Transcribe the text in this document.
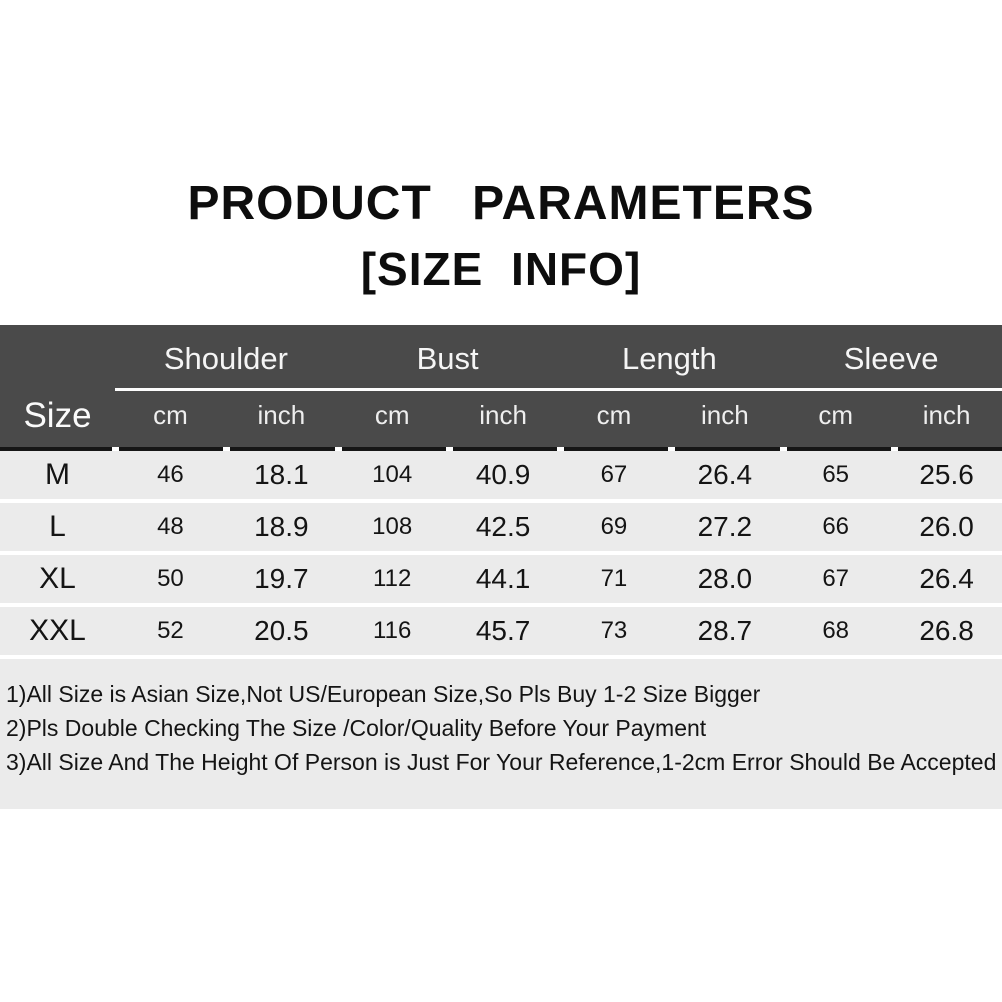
PRODUCT PARAMETERS
[SIZE INFO]
Shoulder	Bust	Length	Sleeve
Size	cm	inch	cm	inch	cm	inch	cm	inch
M	46	18.1	104	40.9	67	26.4	65	25.6
L	48	18.9	108	42.5	69	27.2	66	26.0
XL	50	19.7	112	44.1	71	28.0	67	26.4
XXL	52	20.5	116	45.7	73	28.7	68	26.8
1)All Size is Asian Size,Not US/European Size,So Pls Buy 1-2 Size Bigger
2)Pls Double Checking The Size /Color/Quality Before Your Payment
3)All Size And The Height Of Person is Just For Your Reference,1-2cm Error Should Be Accepted
